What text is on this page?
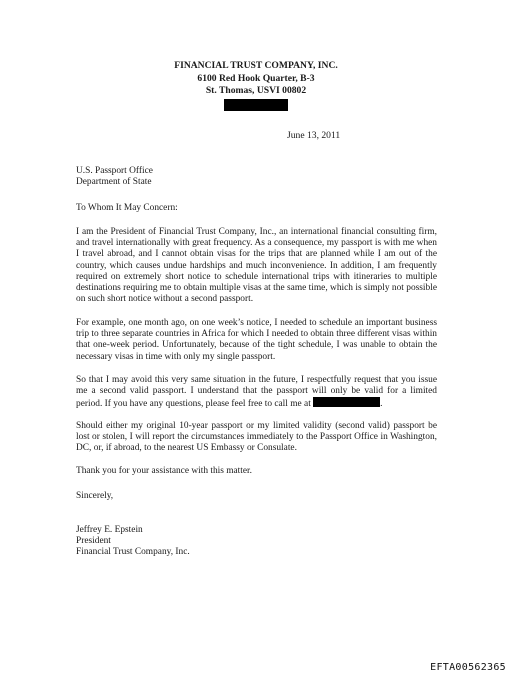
FINANCIAL TRUST COMPANY, INC.
6100 Red Hook Quarter, B-3
St. Thomas, USVI 00802
June 13, 2011
U.S. Passport Office
Department of State
To Whom It May Concern:
I am the President of Financial Trust Company, Inc., an international financial consulting firm, and travel internationally with great frequency. As a consequence, my passport is with me when I travel abroad, and I cannot obtain visas for the trips that are planned while I am out of the country, which causes undue hardships and much inconvenience. In addition, I am frequently required on extremely short notice to schedule international trips with itineraries to multiple destinations requiring me to obtain multiple visas at the same time, which is simply not possible on such short notice without a second passport.
For example, one month ago, on one week’s notice, I needed to schedule an important business trip to three separate countries in Africa for which I needed to obtain three different visas within that one-week period. Unfortunately, because of the tight schedule, I was unable to obtain the necessary visas in time with only my single passport.
So that I may avoid this very same situation in the future, I respectfully request that you issue me a second valid passport. I understand that the passport will only be valid for a limited period. If you have any questions, please feel free to call me at	.
Should either my original 10-year passport or my limited validity (second valid) passport be lost or stolen, I will report the circumstances immediately to the Passport Office in Washington, DC, or, if abroad, to the nearest US Embassy or Consulate.
Thank you for your assistance with this matter.
Sincerely,
Jeffrey E. Epstein
President
Financial Trust Company, Inc.
EFTA00562365
